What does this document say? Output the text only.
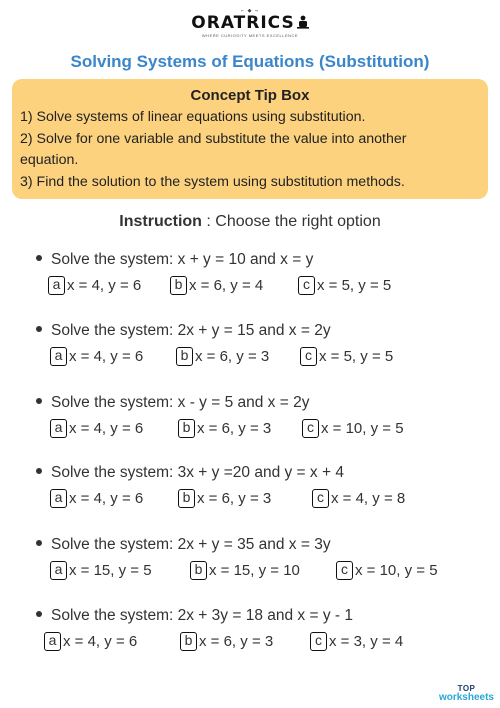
⌐ ◆ ¬
ORATRICS
WHERE CURIOSITY MEETS EXCELLENCE
Solving Systems of Equations (Substitution)
Concept Tip Box
1) Solve systems of linear equations using substitution.
2) Solve for one variable and substitute the value into another
equation.
3) Find the solution to the system using substitution methods.
Instruction : Choose the right option
Solve the system: x + y = 10 and x = y
a x = 4, y = 6	b x = 6, y = 4	c x = 5, y = 5
Solve the system: 2x + y = 15 and x = 2y
a x = 4, y = 6	b x = 6, y = 3	c x = 5, y = 5
Solve the system: x - y = 5 and x = 2y
a x = 4, y = 6	b x = 6, y = 3	c x = 10, y = 5
Solve the system: 3x + y =20 and y = x + 4
a x = 4, y = 6	b x = 6, y = 3	c x = 4, y = 8
Solve the system: 2x + y = 35 and x = 3y
a x = 15, y = 5	b x = 15, y = 10	c x = 10, y = 5
Solve the system: 2x + 3y = 18 and x = y - 1
a x = 4, y = 6	b x = 6, y = 3	c x = 3, y = 4
TOP
worksheets
